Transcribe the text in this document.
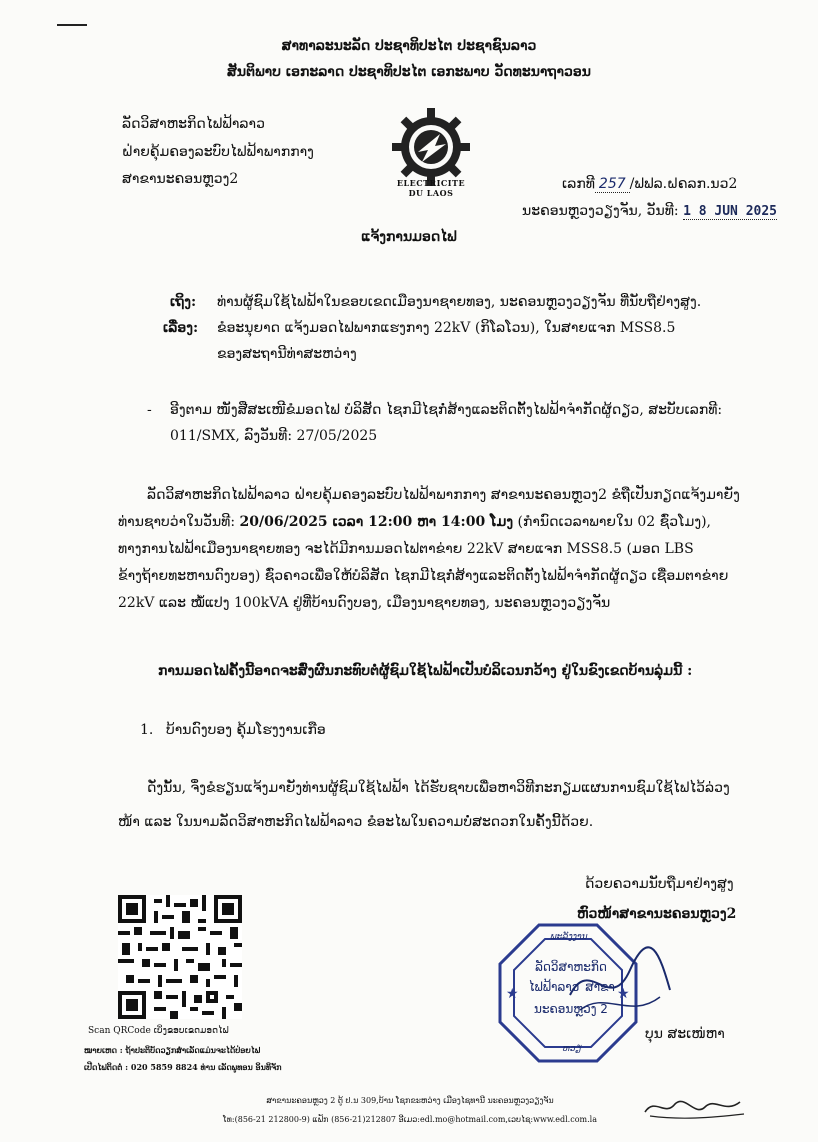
ສາທາລະນະລັດ ປະຊາທິປະໄຕ ປະຊາຊົນລາວ
ສັນຕິພາບ ເອກະລາດ ປະຊາທິປະໄຕ ເອກະພາບ ວັດທະນາຖາວອນ
ລັດວິສາຫະກິດໄຟຟ້າລາວ
ຝ່າຍຄຸ້ມຄອງລະບົບໄຟຟ້າພາກກາງ
ສາຂານະຄອນຫຼວງ2	ELECTRICITE DU LAOS
ເລກທີ 257 /ຟຟລ.ຝຄລກ.ນວ2
ນະຄອນຫຼວງວຽງຈັນ, ວັນທີ: 1 8 JUN 2025
ແຈ້ງການມອດໄຟ
ເຖິງ: ທ່ານຜູ້ຊົມໃຊ້ໄຟຟ້າໃນຂອບເຂດເມືອງນາຊາຍທອງ, ນະຄອນຫຼວງວຽງຈັນ ທີ່ນັບຖືຢ່າງສູງ.
ເລື່ອງ: ຂໍອະນຸຍາດ ແຈ້ງມອດໄຟພາກແຮງກາງ 22kV (ກິໂລໂວນ), ໃນສາຍແຈກ MSS8.5
ຂອງສະຖານີທ່າສະຫວ່າງ
- ອີງຕາມ ໜັງສືສະເໜີຂໍມອດໄຟ ບໍລິສັດ ໄຊກມີໄຊກໍ່ສ້າງແລະຕິດຕັ້ງໄຟຟ້າຈໍາກັດຜູ້ດຽວ, ສະບັບເລກທີ:
011/SMX, ລົງວັນທີ: 27/05/2025
ລັດວິສາຫະກິດໄຟຟ້າລາວ ຝ່າຍຄຸ້ມຄອງລະບົບໄຟຟ້າພາກກາງ ສາຂານະຄອນຫຼວງ2 ຂໍຖືເປັນກຽດແຈ້ງມາຍັງ
ທ່ານຊາບວ່າໃນວັນທີ: 20/06/2025 ເວລາ 12:00 ຫາ 14:00 ໂມງ (ກໍານົດເວລາພາຍໃນ 02 ຊົ່ວໂມງ),
ທາງການໄຟຟ້າເມືອງນາຊາຍທອງ ຈະໄດ້ມີການມອດໄຟຕາຂ່າຍ 22kV ສາຍແຈກ MSS8.5 (ມອດ LBS
ຂ້າງຖ້າຍທະຫານດົງບອງ) ຊົ່ວຄາວເພື່ອໃຫ້ບໍລິສັດ ໄຊກມີໄຊກໍ່ສ້າງແລະຕິດຕັ້ງໄຟຟ້າຈໍາກັດຜູ້ດຽວ ເຊື່ອມຕາຂ່າຍ
22kV ແລະ ໝໍ້ແປງ 100kVA ຢູ່ທີ່ບ້ານດົງບອງ, ເມືອງນາຊາຍທອງ, ນະຄອນຫຼວງວຽງຈັນ
ການມອດໄຟຄັ້ງນີ້ອາດຈະສົ່ງຜົນກະທົບຕໍ່ຜູ້ຊົມໃຊ້ໄຟຟ້າເປັນບໍລິເວນກວ້າງ ຢູ່ໃນຂົງເຂດບ້ານລຸ່ມນີ້ :
1. ບ້ານດົງບອງ ຄຸ້ມໂຮງງານເກືອ
ດັ່ງນັ້ນ, ຈຶ່ງຂໍຮຽນແຈ້ງມາຍັງທ່ານຜູ້ຊົມໃຊ້ໄຟຟ້າ ໄດ້ຮັບຊາບເພື່ອຫາວິທີກະກຽມແຜນການຊົມໃຊ້ໄຟໄວ້ລ່ວງ
ໜ້າ ແລະ ໃນນາມລັດວິສາຫະກິດໄຟຟ້າລາວ ຂໍອະໄພໃນຄວາມບໍ່ສະດວກໃນຄັ້ງນີ້ດ້ວຍ.
ດ້ວຍຄວາມນັບຖືມາຢ່າງສູງ
ຫົວໜ້າສາຂານະຄອນຫຼວງ2
★	★
ພະລັງງານ
ລັດວິສາຫະກິດ
ໄຟຟ້າລາວ ສາຂາ
ນະຄອນຫຼວງ 2
ຫວຽ
ບຸນ ສະເໜ່ຫາ
Scan QRCode ເບິ່ງຂອບເຂດມອດໄຟ
ໝາຍເຫດ : ຖ້າປະຕິບັດວຽກສໍາເລັດແມ່ນຈະໄດ້ປ່ອຍໄຟ
ເປີດໄຟຕິດຕໍ່ : 020 5859 8824 ທ່ານ ເລັດພູທອນ ອິນທິຈັກ
ສາຂານະຄອນຫຼວງ 2 ຕູ້ ປ.ນ 309,ບ້ານ ໂຊກຂະຫວ່າງ ເມືອງໄຊທານີ ນະຄອນຫຼວງວຽງຈັນ
ໂທ:(856-21 212800-9) ແຟັກ (856-21)212807 ອີເມວ:edl.mo@hotmail.com,ເວບໄຊ:www.edl.com.la
